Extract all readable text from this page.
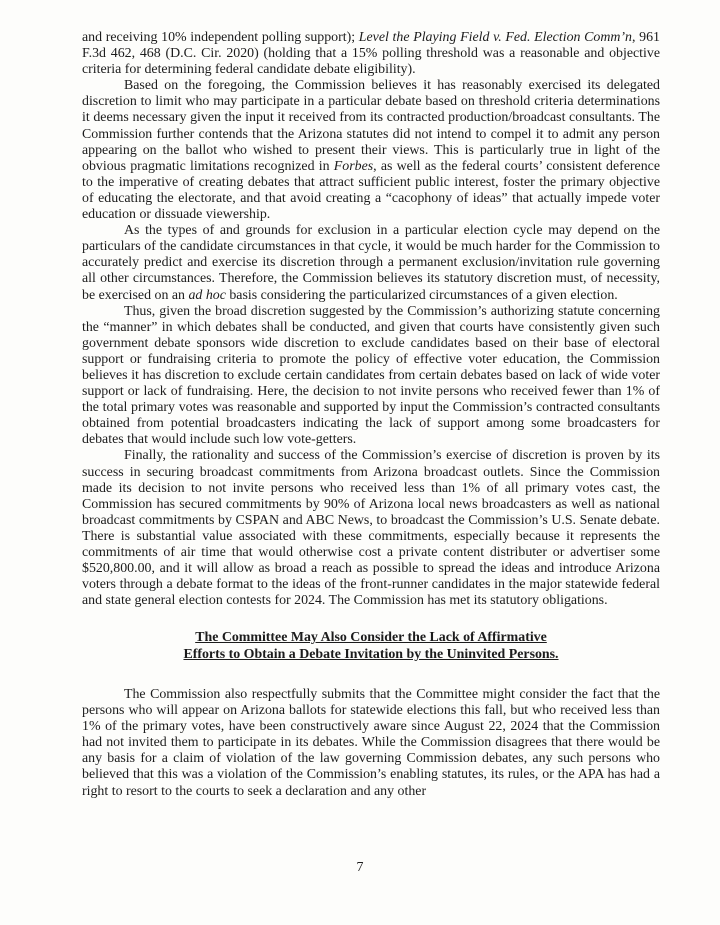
and receiving 10% independent polling support); Level the Playing Field v. Fed. Election Comm’n, 961 F.3d 462, 468 (D.C. Cir. 2020) (holding that a 15% polling threshold was a reasonable and objective criteria for determining federal candidate debate eligibility).

Based on the foregoing, the Commission believes it has reasonably exercised its delegated discretion to limit who may participate in a particular debate based on threshold criteria determinations it deems necessary given the input it received from its contracted production/broadcast consultants. The Commission further contends that the Arizona statutes did not intend to compel it to admit any person appearing on the ballot who wished to present their views. This is particularly true in light of the obvious pragmatic limitations recognized in Forbes, as well as the federal courts’ consistent deference to the imperative of creating debates that attract sufficient public interest, foster the primary objective of educating the electorate, and that avoid creating a “cacophony of ideas” that actually impede voter education or dissuade viewership.

As the types of and grounds for exclusion in a particular election cycle may depend on the particulars of the candidate circumstances in that cycle, it would be much harder for the Commission to accurately predict and exercise its discretion through a permanent exclusion/invitation rule governing all other circumstances. Therefore, the Commission believes its statutory discretion must, of necessity, be exercised on an ad hoc basis considering the particularized circumstances of a given election.

Thus, given the broad discretion suggested by the Commission’s authorizing statute concerning the “manner” in which debates shall be conducted, and given that courts have consistently given such government debate sponsors wide discretion to exclude candidates based on their base of electoral support or fundraising criteria to promote the policy of effective voter education, the Commission believes it has discretion to exclude certain candidates from certain debates based on lack of wide voter support or lack of fundraising. Here, the decision to not invite persons who received fewer than 1% of the total primary votes was reasonable and supported by input the Commission’s contracted consultants obtained from potential broadcasters indicating the lack of support among some broadcasters for debates that would include such low vote-getters.

Finally, the rationality and success of the Commission’s exercise of discretion is proven by its success in securing broadcast commitments from Arizona broadcast outlets. Since the Commission made its decision to not invite persons who received less than 1% of all primary votes cast, the Commission has secured commitments by 90% of Arizona local news broadcasters as well as national broadcast commitments by CSPAN and ABC News, to broadcast the Commission’s U.S. Senate debate. There is substantial value associated with these commitments, especially because it represents the commitments of air time that would otherwise cost a private content distributer or advertiser some $520,800.00, and it will allow as broad a reach as possible to spread the ideas and introduce Arizona voters through a debate format to the ideas of the front-runner candidates in the major statewide federal and state general election contests for 2024. The Commission has met its statutory obligations.

The Committee May Also Consider the Lack of Affirmative
Efforts to Obtain a Debate Invitation by the Uninvited Persons.

The Commission also respectfully submits that the Committee might consider the fact that the persons who will appear on Arizona ballots for statewide elections this fall, but who received less than 1% of the primary votes, have been constructively aware since August 22, 2024 that the Commission had not invited them to participate in its debates. While the Commission disagrees that there would be any basis for a claim of violation of the law governing Commission debates, any such persons who believed that this was a violation of the Commission’s enabling statutes, its rules, or the APA has had a right to resort to the courts to seek a declaration and any other

7
